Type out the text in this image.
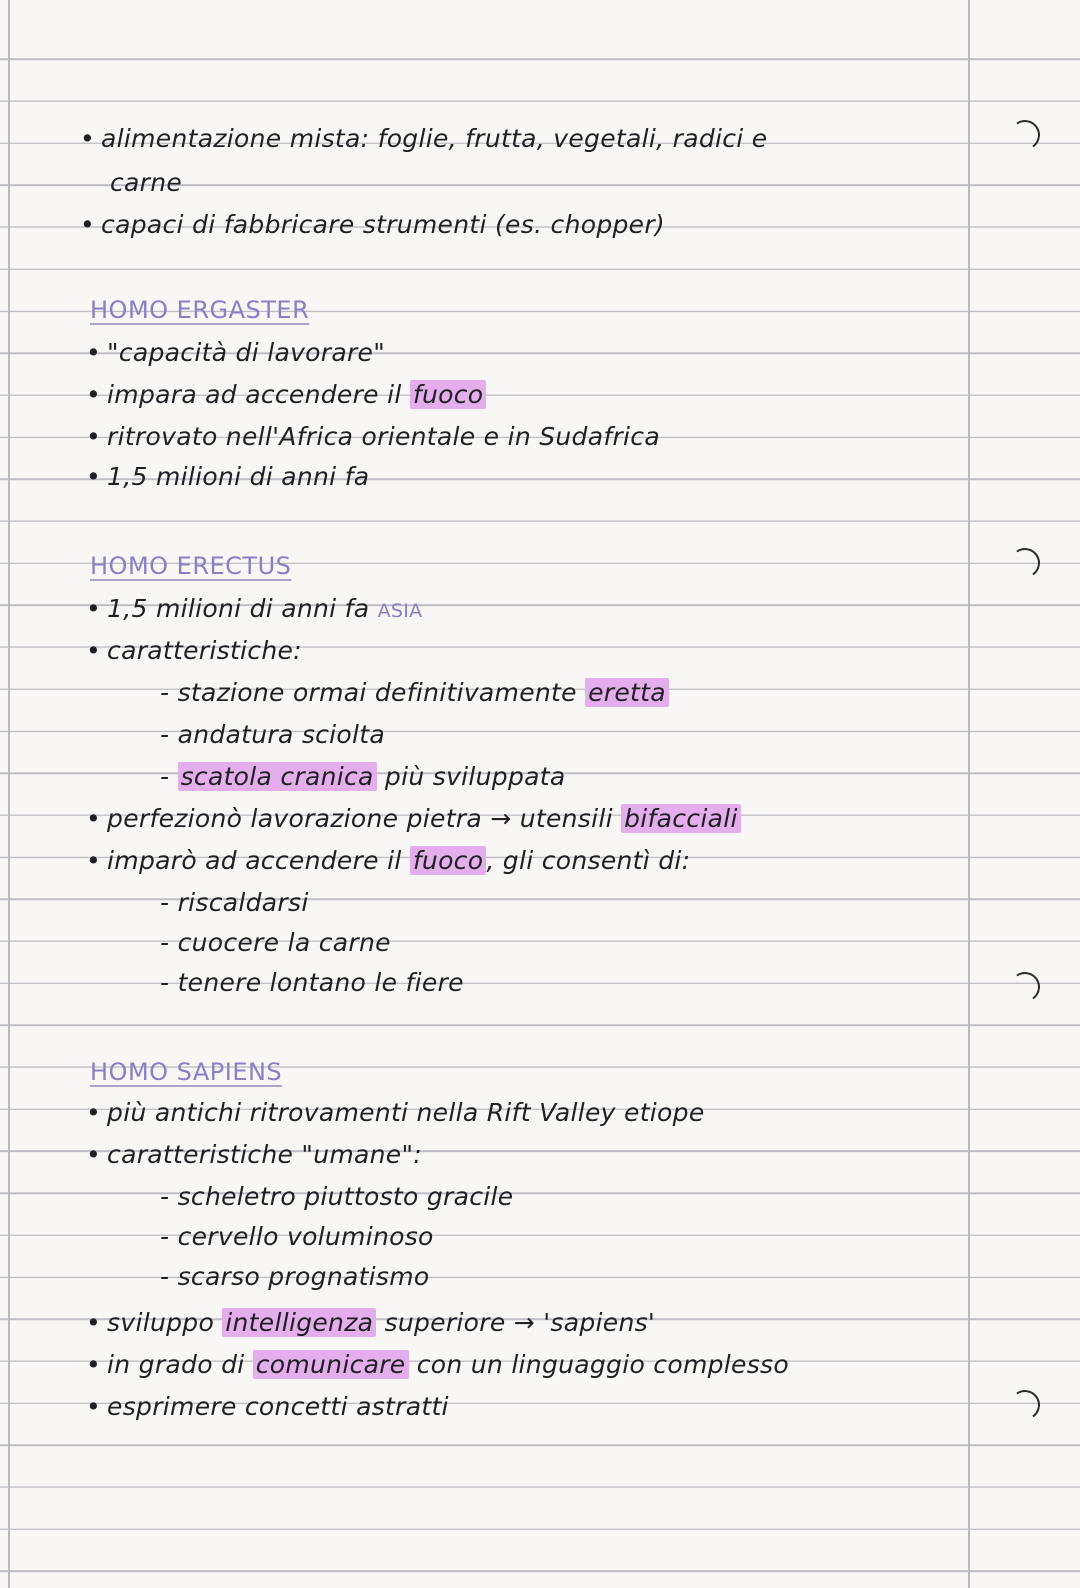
• alimentazione mista: foglie, frutta, vegetali, radici e
carne
• capaci di fabbricare strumenti (es. chopper)
HOMO ERGASTER
• "capacità di lavorare"
• impara ad accendere il fuoco
• ritrovato nell'Africa orientale e in Sudafrica
• 1,5 milioni di anni fa
HOMO ERECTUS
• 1,5 milioni di anni fa ASIA
• caratteristiche:
- stazione ormai definitivamente eretta
- andatura sciolta
- scatola cranica più sviluppata
• perfezionò lavorazione pietra → utensili bifacciali
• imparò ad accendere il fuoco , gli consentì di:
- riscaldarsi
- cuocere la carne
- tenere lontano le fiere
HOMO SAPIENS
• più antichi ritrovamenti nella Rift Valley etiope
• caratteristiche "umane":
- scheletro piuttosto gracile
- cervello voluminoso
- scarso prognatismo
• sviluppo intelligenza superiore → 'sapiens'
• in grado di comunicare con un linguaggio complesso
• esprimere concetti astratti
